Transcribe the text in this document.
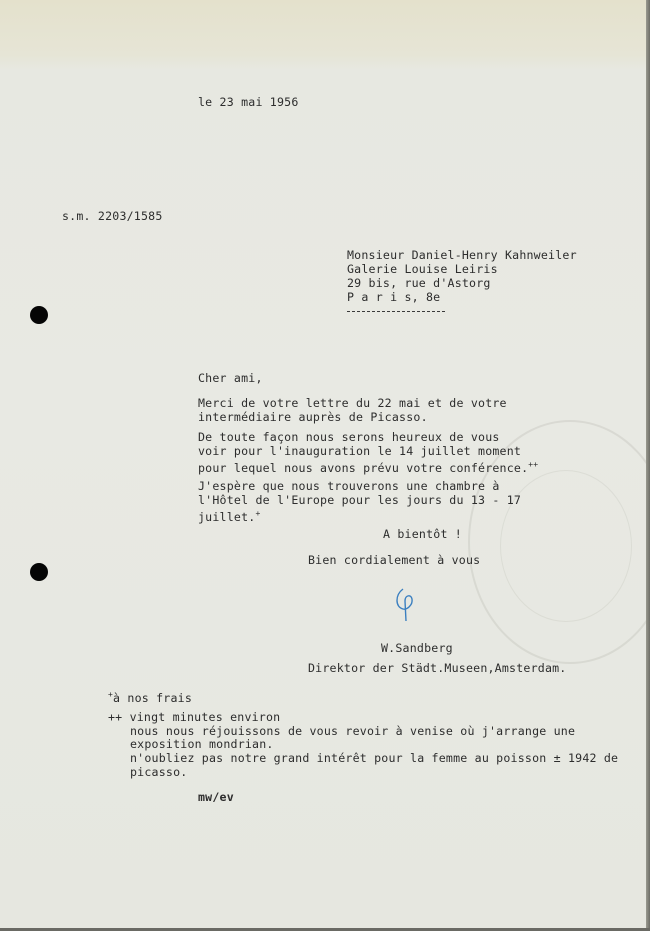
le 23 mai 1956
s.m. 2203/1585
Monsieur Daniel-Henry Kahnweiler
Galerie Louise Leiris
29 bis, rue d'Astorg
P a r i s, 8e
Cher ami,
Merci de votre lettre du 22 mai et de votre
intermédiaire auprès de Picasso.
De toute façon nous serons heureux de vous
voir pour l'inauguration le 14 juillet moment
pour lequel nous avons prévu votre conférence.++
J'espère que nous trouverons une chambre à
l'Hôtel de l'Europe pour les jours du 13 - 17
juillet.+
A bientôt !
Bien cordialement à vous
W.Sandberg
Direktor der Städt.Museen,Amsterdam.
+à nos frais
++ vingt minutes environ
nous nous réjouissons de vous revoir à venise où j'arrange une
exposition mondrian.
n'oubliez pas notre grand intérêt pour la femme au poisson ± 1942 de
picasso.
mw/ev
